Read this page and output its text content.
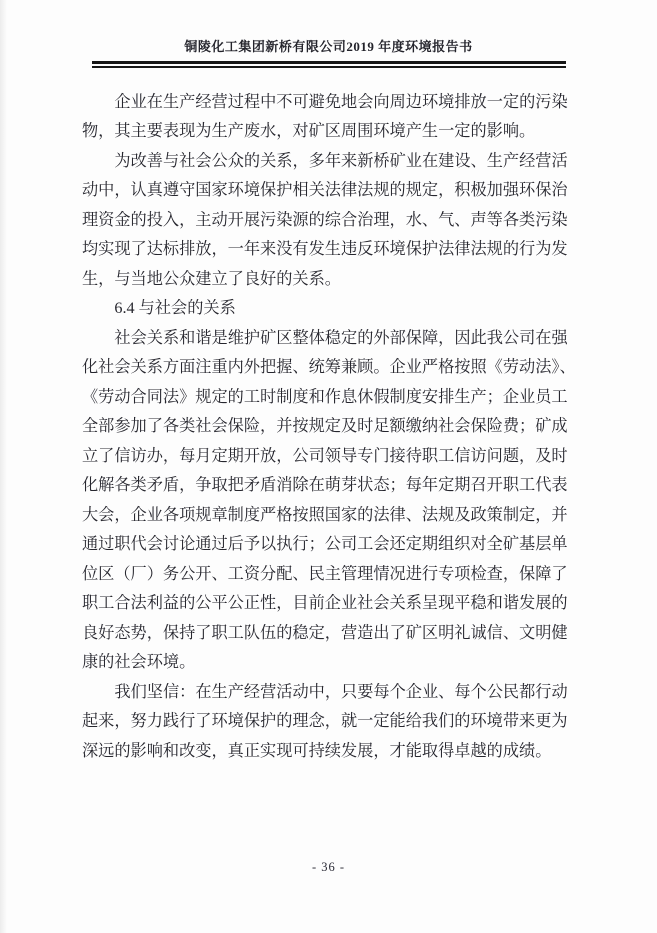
铜陵化工集团新桥有限公司2019 年度环境报告书

企业在生产经营过程中不可避免地会向周边环境排放一定的污染
物，其主要表现为生产废水，对矿区周围环境产生一定的影响。

为改善与社会公众的关系，多年来新桥矿业在建设、生产经营活
动中，认真遵守国家环境保护相关法律法规的规定，积极加强环保治
理资金的投入，主动开展污染源的综合治理，水、气、声等各类污染
均实现了达标排放，一年来没有发生违反环境保护法律法规的行为发
生，与当地公众建立了良好的关系。

6.4 与社会的关系

社会关系和谐是维护矿区整体稳定的外部保障，因此我公司在强
化社会关系方面注重内外把握、统筹兼顾。企业严格按照《劳动法》、
《劳动合同法》规定的工时制度和作息休假制度安排生产；企业员工
全部参加了各类社会保险，并按规定及时足额缴纳社会保险费；矿成
立了信访办，每月定期开放，公司领导专门接待职工信访问题，及时
化解各类矛盾，争取把矛盾消除在萌芽状态；每年定期召开职工代表
大会，企业各项规章制度严格按照国家的法律、法规及政策制定，并
通过职代会讨论通过后予以执行；公司工会还定期组织对全矿基层单
位区（厂）务公开、工资分配、民主管理情况进行专项检查，保障了
职工合法利益的公平公正性，目前企业社会关系呈现平稳和谐发展的
良好态势，保持了职工队伍的稳定，营造出了矿区明礼诚信、文明健
康的社会环境。

我们坚信：在生产经营活动中，只要每个企业、每个公民都行动
起来，努力践行了环境保护的理念，就一定能给我们的环境带来更为
深远的影响和改变，真正实现可持续发展，才能取得卓越的成绩。

- 36 -
